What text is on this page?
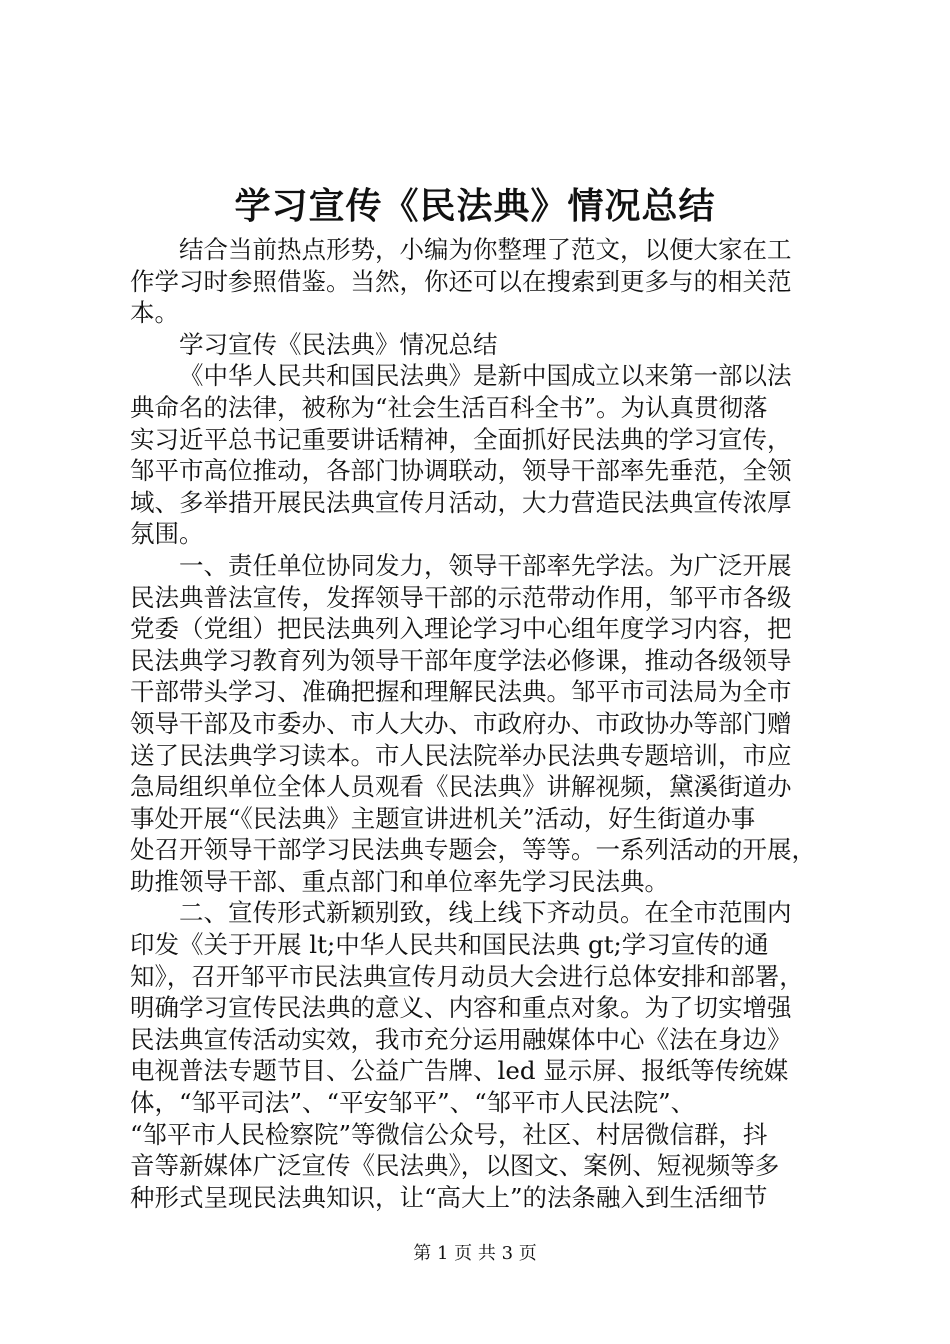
学习宣传《民法典》情况总结
结合当前热点形势，小编为你整理了范文，以便大家在工
作学习时参照借鉴。当然，你还可以在搜索到更多与的相关范
本。
学习宣传《民法典》情况总结
《中华人民共和国民法典》是新中国成立以来第一部以法
典命名的法律，被称为“社会生活百科全书”。为认真贯彻落
实习近平总书记重要讲话精神，全面抓好民法典的学习宣传，
邹平市高位推动，各部门协调联动，领导干部率先垂范，全领
域、多举措开展民法典宣传月活动，大力营造民法典宣传浓厚
氛围。
一、责任单位协同发力，领导干部率先学法。为广泛开展
民法典普法宣传，发挥领导干部的示范带动作用，邹平市各级
党委（党组）把民法典列入理论学习中心组年度学习内容，把
民法典学习教育列为领导干部年度学法必修课，推动各级领导
干部带头学习、准确把握和理解民法典。邹平市司法局为全市
领导干部及市委办、市人大办、市政府办、市政协办等部门赠
送了民法典学习读本。市人民法院举办民法典专题培训，市应
急局组织单位全体人员观看《民法典》讲解视频，黛溪街道办
事处开展“《民法典》主题宣讲进机关”活动，好生街道办事
处召开领导干部学习民法典专题会，等等。一系列活动的开展，
助推领导干部、重点部门和单位率先学习民法典。
二、宣传形式新颖别致，线上线下齐动员。在全市范围内
印发《关于开展 lt;中华人民共和国民法典 gt;学习宣传的通
知》，召开邹平市民法典宣传月动员大会进行总体安排和部署，
明确学习宣传民法典的意义、内容和重点对象。为了切实增强
民法典宣传活动实效，我市充分运用融媒体中心《法在身边》
电视普法专题节目、公益广告牌、led 显示屏、报纸等传统媒
体，“邹平司法”、“平安邹平”、“邹平市人民法院”、
“邹平市人民检察院”等微信公众号，社区、村居微信群，抖
音等新媒体广泛宣传《民法典》，以图文、案例、短视频等多
种形式呈现民法典知识，让“高大上”的法条融入到生活细节
第 1 页 共 3 页
